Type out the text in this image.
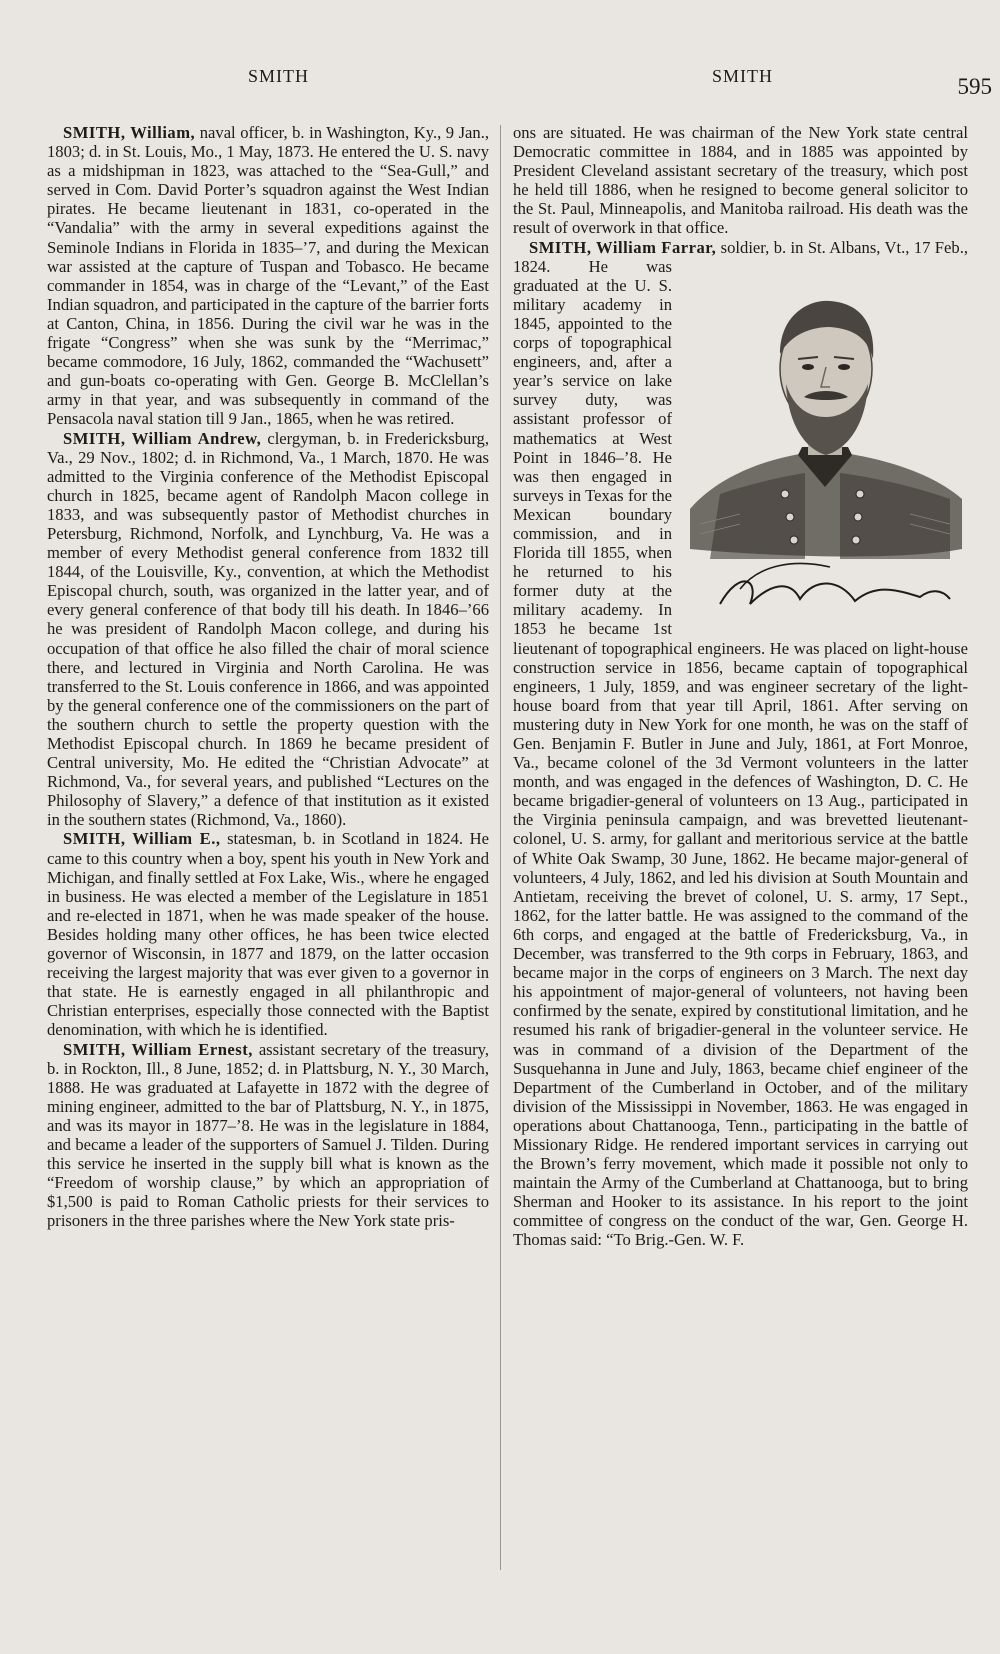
SMITH	SMITH	595

SMITH, William, naval officer, b. in Washington, Ky., 9 Jan., 1803; d. in St. Louis, Mo., 1 May, 1873. He entered the U. S. navy as a midshipman in 1823, was attached to the “Sea-Gull,” and served in Com. David Porter’s squadron against the West Indian pirates. He became lieutenant in 1831, co-operated in the “Vandalia” with the army in several expeditions against the Seminole Indians in Florida in 1835–’7, and during the Mexican war assisted at the capture of Tuspan and Tobasco. He became commander in 1854, was in charge of the “Levant,” of the East Indian squadron, and participated in the capture of the barrier forts at Canton, China, in 1856. During the civil war he was in the frigate “Congress” when she was sunk by the “Merrimac,” became commodore, 16 July, 1862, commanded the “Wachusett” and gun-boats co-operating with Gen. George B. McClellan’s army in that year, and was subsequently in command of the Pensacola naval station till 9 Jan., 1865, when he was retired.

SMITH, William Andrew, clergyman, b. in Fredericksburg, Va., 29 Nov., 1802; d. in Richmond, Va., 1 March, 1870. He was admitted to the Virginia conference of the Methodist Episcopal church in 1825, became agent of Randolph Macon college in 1833, and was subsequently pastor of Methodist churches in Petersburg, Richmond, Norfolk, and Lynchburg, Va. He was a member of every Methodist general conference from 1832 till 1844, of the Louisville, Ky., convention, at which the Methodist Episcopal church, south, was organized in the latter year, and of every general conference of that body till his death. In 1846–’66 he was president of Randolph Macon college, and during his occupation of that office he also filled the chair of moral science there, and lectured in Virginia and North Carolina. He was transferred to the St. Louis conference in 1866, and was appointed by the general conference one of the commissioners on the part of the southern church to settle the property question with the Methodist Episcopal church. In 1869 he became president of Central university, Mo. He edited the “Christian Advocate” at Richmond, Va., for several years, and published “Lectures on the Philosophy of Slavery,” a defence of that institution as it existed in the southern states (Richmond, Va., 1860).

SMITH, William E., statesman, b. in Scotland in 1824. He came to this country when a boy, spent his youth in New York and Michigan, and finally settled at Fox Lake, Wis., where he engaged in business. He was elected a member of the Legislature in 1851 and re-elected in 1871, when he was made speaker of the house. Besides holding many other offices, he has been twice elected governor of Wisconsin, in 1877 and 1879, on the latter occasion receiving the largest majority that was ever given to a governor in that state. He is earnestly engaged in all philanthropic and Christian enterprises, especially those connected with the Baptist denomination, with which he is identified.

SMITH, William Ernest, assistant secretary of the treasury, b. in Rockton, Ill., 8 June, 1852; d. in Plattsburg, N. Y., 30 March, 1888. He was graduated at Lafayette in 1872 with the degree of mining engineer, admitted to the bar of Plattsburg, N. Y., in 1875, and was its mayor in 1877–’8. He was in the legislature in 1884, and became a leader of the supporters of Samuel J. Tilden. During this service he inserted in the supply bill what is known as the “Freedom of worship clause,” by which an appropriation of $1,500 is paid to Roman Catholic priests for their services to prisoners in the three parishes where the New York state pris-

ons are situated. He was chairman of the New York state central Democratic committee in 1884, and in 1885 was appointed by President Cleveland assistant secretary of the treasury, which post he held till 1886, when he resigned to become general solicitor to the St. Paul, Minneapolis, and Manitoba railroad. His death was the result of overwork in that office.

SMITH, William Farrar, soldier, b. in St. Albans, Vt., 17 Feb., 1824. He was graduated at the U. S. military academy in 1845, appointed to the corps of topographical engineers, and, after a year’s service on lake survey duty, was assistant professor of mathematics at West Point in 1846–’8. He was then engaged in surveys in Texas for the Mexican boundary commission, and in Florida till 1855, when he returned to his former duty at the military academy. In 1853 he became 1st lieutenant of topographical engineers. He was placed on light-house construction service in 1856, became captain of topographical engineers, 1 July, 1859, and was engineer secretary of the light-house board from that year till April, 1861. After serving on mustering duty in New York for one month, he was on the staff of Gen. Benjamin F. Butler in June and July, 1861, at Fort Monroe, Va., became colonel of the 3d Vermont volunteers in the latter month, and was engaged in the defences of Washington, D. C. He became brigadier-general of volunteers on 13 Aug., participated in the Virginia peninsula campaign, and was brevetted lieutenant-colonel, U. S. army, for gallant and meritorious service at the battle of White Oak Swamp, 30 June, 1862. He became major-general of volunteers, 4 July, 1862, and led his division at South Mountain and Antietam, receiving the brevet of colonel, U. S. army, 17 Sept., 1862, for the latter battle. He was assigned to the command of the 6th corps, and engaged at the battle of Fredericksburg, Va., in December, was transferred to the 9th corps in February, 1863, and became major in the corps of engineers on 3 March. The next day his appointment of major-general of volunteers, not having been confirmed by the senate, expired by constitutional limitation, and he resumed his rank of brigadier-general in the volunteer service. He was in command of a division of the Department of the Susquehanna in June and July, 1863, became chief engineer of the Department of the Cumberland in October, and of the military division of the Mississippi in November, 1863. He was engaged in operations about Chattanooga, Tenn., participating in the battle of Missionary Ridge. He rendered important services in carrying out the Brown’s ferry movement, which made it possible not only to maintain the Army of the Cumberland at Chattanooga, but to bring Sherman and Hooker to its assistance. In his report to the joint committee of congress on the conduct of the war, Gen. George H. Thomas said: “To Brig.-Gen. W. F.
